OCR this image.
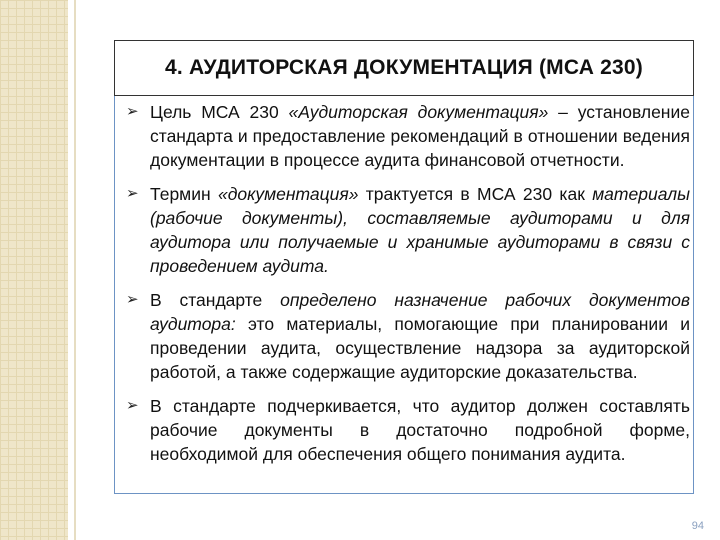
4. АУДИТОРСКАЯ ДОКУМЕНТАЦИЯ (МСА 230)
➢ Цель МСА 230 «Аудиторская документация» – установление стандарта и предоставление рекомендаций в отношении ведения документации в процессе аудита финансовой отчетности.
➢ Термин «документация» трактуется в МСА 230 как материалы (рабочие документы), составляемые аудиторами и для аудитора или получаемые и хранимые аудиторами в связи с проведением аудита.
➢ В стандарте определено назначение рабочих документов аудитора: это материалы, помогающие при планировании и проведении аудита, осуществление надзора за аудиторской работой, а также содержащие аудиторские доказательства.
➢ В стандарте подчеркивается, что аудитор должен составлять рабочие документы в достаточно подробной форме, необходимой для обеспечения общего понимания аудита.
94
